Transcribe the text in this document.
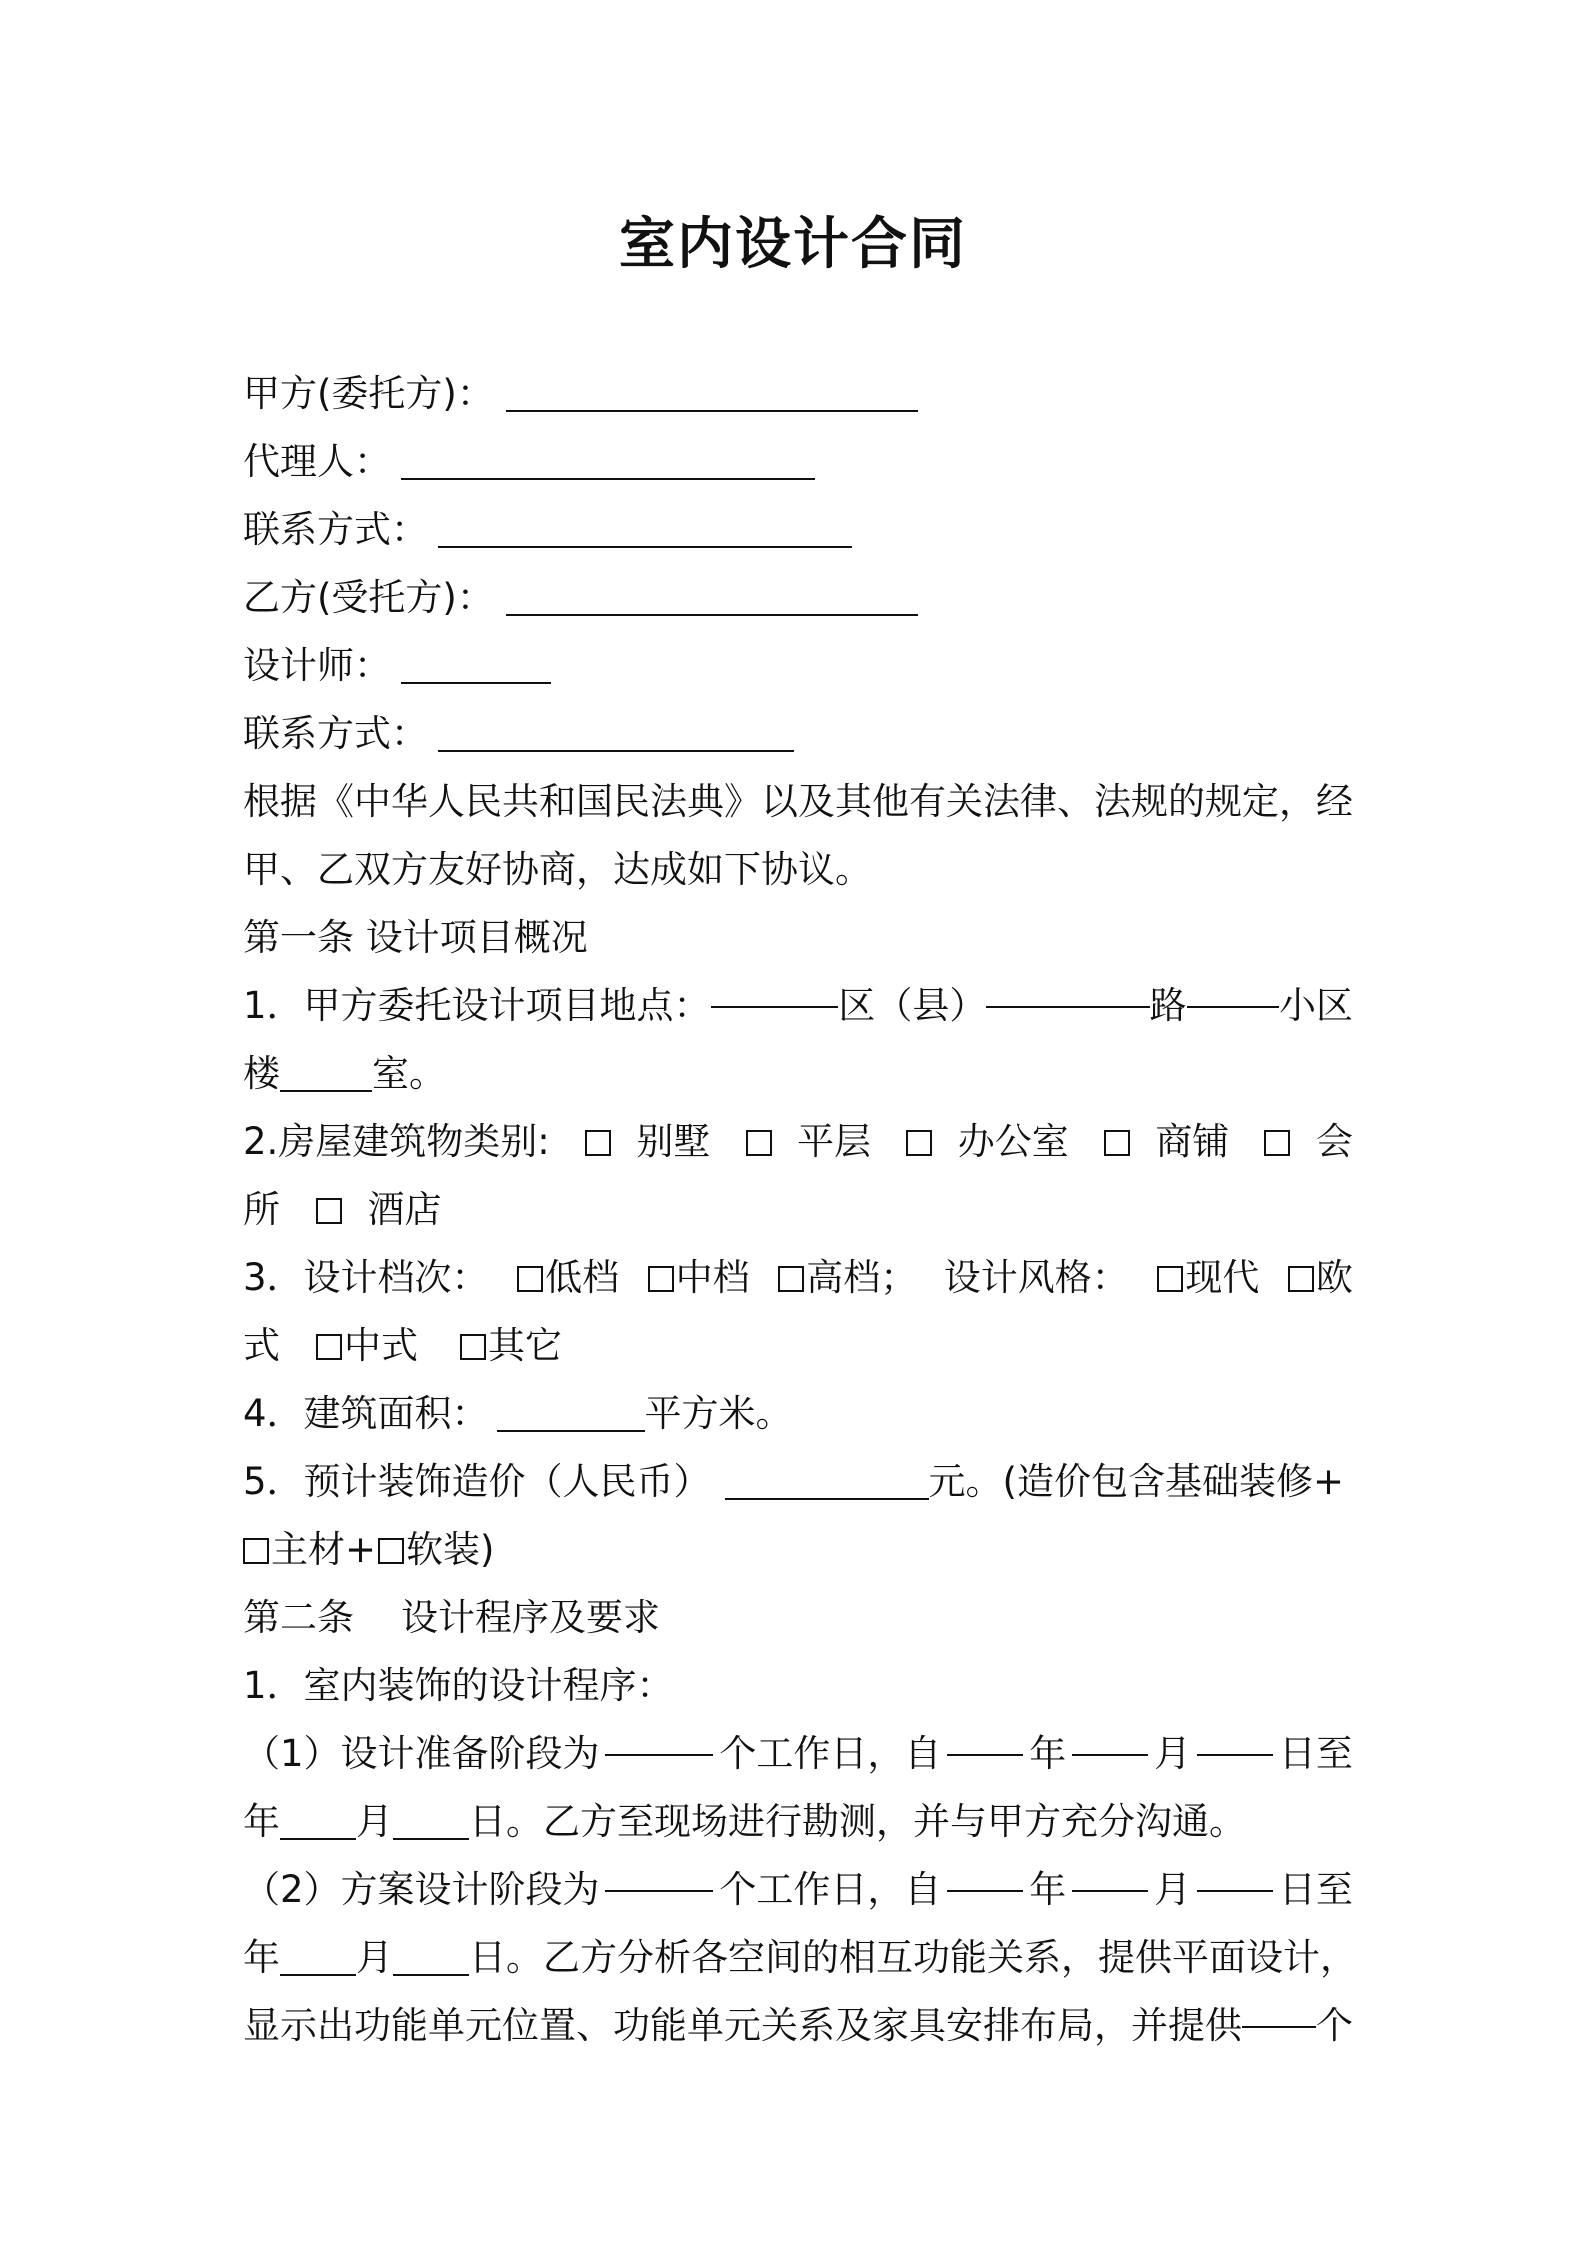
室内设计合同
甲方(委托方)：
代理人：
联系方式：
乙方(受托方)：
设计师：
联系方式：
根据《中华人民共和国民法典》以及其他有关法律、法规的规定，经
甲、乙双方友好协商，达成如下协议。
第一条 设计项目概况
1．甲方委托设计项目地点：	区（县）	路 小区
楼 室。
2.房屋建筑物类别:	别墅	平层	办公室	商铺	会
所 酒店
3．设计档次：	低档	中档	高档； 设计风格：	现代	欧
式 中式 其它
4．建筑面积：	平方米。
5．预计装饰造价（人民币）	元。(造价包含基础装修+
主材+ 软装)
第二条    设计程序及要求
1．室内装饰的设计程序：
（1）设计准备阶段为	个工作日，自 年 月 日至
年 月 日。乙方至现场进行勘测，并与甲方充分沟通。
（2）方案设计阶段为	个工作日，自 年 月 日至
年 月 日。乙方分析各空间的相互功能关系，提供平面设计，
显示出功能单元位置、功能单元关系及家具安排布局，并提供 个
